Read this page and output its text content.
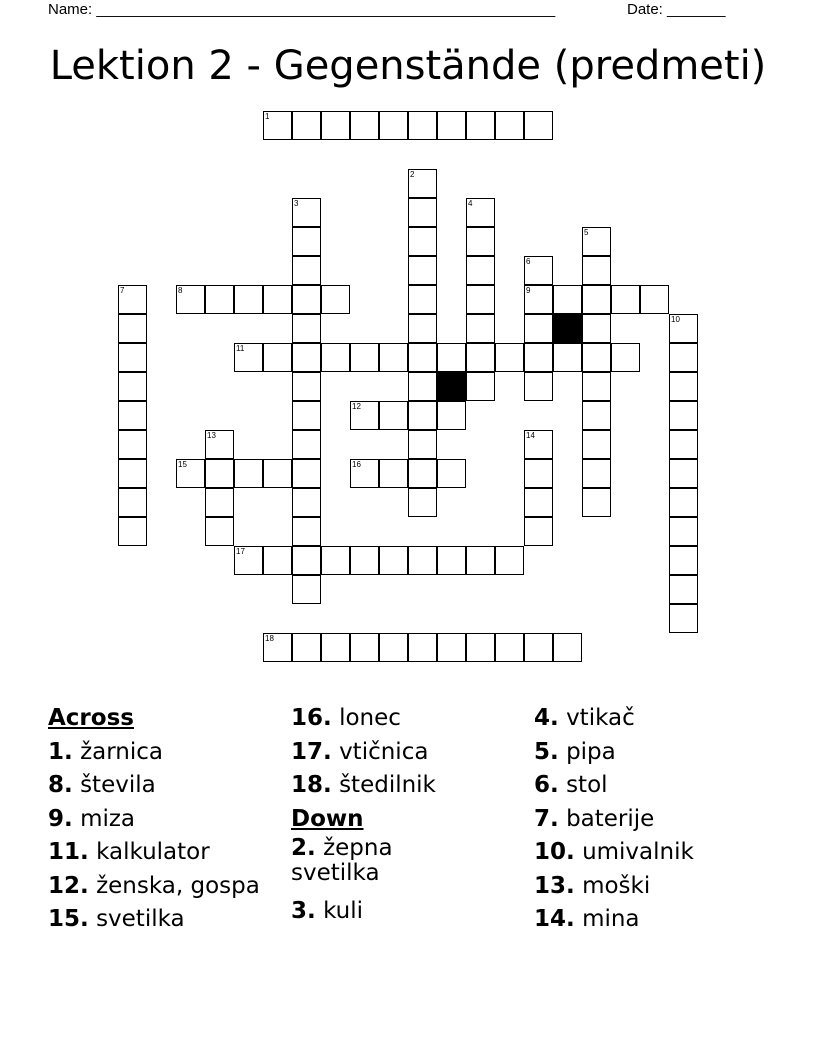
Name: _______________________________________________________	Date: _______
Lektion 2 - Gegenstände (predmeti)
1
8	9
11
12
15	16
17
18
2
3	4
5
6
7
10
13	14
Across
1. žarnica
8. števila
9. miza
11. kalkulator
12. ženska, gospa
15. svetilka
16. lonec
17. vtičnica
18. štedilnik
Down
2. žepna svetilka
3. kuli
4. vtikač
5. pipa
6. stol
7. baterije
10. umivalnik
13. moški
14. mina
